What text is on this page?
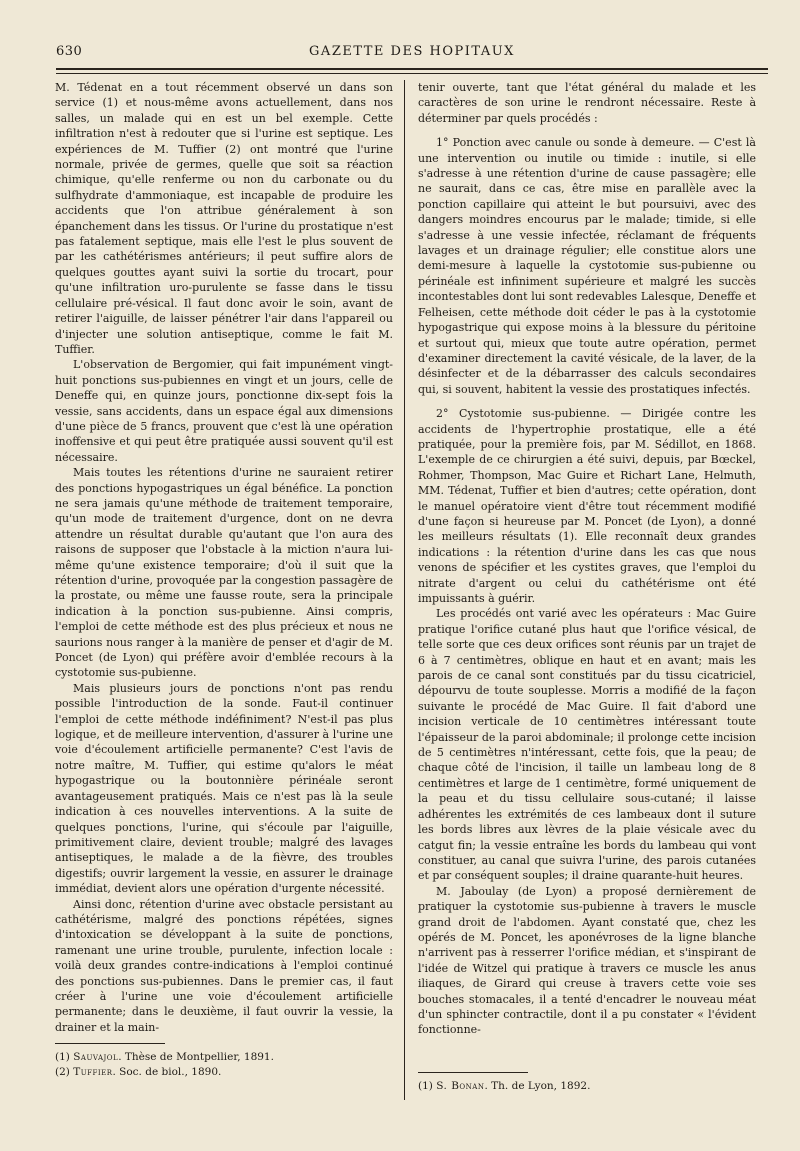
630	GAZETTE DES HOPITAUX

M. Tédenat en a tout récemment observé un dans son service (1) et nous-même avons actuellement, dans nos salles, un malade qui en est un bel exemple. Cette infiltration n'est à redouter que si l'urine est septique. Les expériences de M. Tuffier (2) ont montré que l'urine normale, privée de germes, quelle que soit sa réaction chimique, qu'elle renferme ou non du carbonate ou du sulfhydrate d'ammoniaque, est incapable de produire les accidents que l'on attribue généralement à son épanchement dans les tissus. Or l'urine du prostatique n'est pas fatalement septique, mais elle l'est le plus souvent de par les cathétérismes antérieurs; il peut suffire alors de quelques gouttes ayant suivi la sortie du trocart, pour qu'une infiltration uro-purulente se fasse dans le tissu cellulaire pré-vésical. Il faut donc avoir le soin, avant de retirer l'aiguille, de laisser pénétrer l'air dans l'appareil ou d'injecter une solution antiseptique, comme le fait M. Tuffier.

L'observation de Bergomier, qui fait impunément vingt-huit ponctions sus-pubiennes en vingt et un jours, celle de Deneffe qui, en quinze jours, ponctionne dix-sept fois la vessie, sans accidents, dans un espace égal aux dimensions d'une pièce de 5 francs, prouvent que c'est là une opération inoffensive et qui peut être pratiquée aussi souvent qu'il est nécessaire.

Mais toutes les rétentions d'urine ne sauraient retirer des ponctions hypogastriques un égal bénéfice. La ponction ne sera jamais qu'une méthode de traitement temporaire, qu'un mode de traitement d'urgence, dont on ne devra attendre un résultat durable qu'autant que l'on aura des raisons de supposer que l'obstacle à la miction n'aura lui-même qu'une existence temporaire; d'où il suit que la rétention d'urine, provoquée par la congestion passagère de la prostate, ou même une fausse route, sera la principale indication à la ponction sus-pubienne. Ainsi compris, l'emploi de cette méthode est des plus précieux et nous ne saurions nous ranger à la manière de penser et d'agir de M. Poncet (de Lyon) qui préfère avoir d'emblée recours à la cystotomie sus-pubienne.

Mais plusieurs jours de ponctions n'ont pas rendu possible l'introduction de la sonde. Faut-il continuer l'emploi de cette méthode indéfiniment? N'est-il pas plus logique, et de meilleure intervention, d'assurer à l'urine une voie d'écoulement artificielle permanente? C'est l'avis de notre maître, M. Tuffier, qui estime qu'alors le méat hypogastrique ou la boutonnière périnéale seront avantageusement pratiqués. Mais ce n'est pas là la seule indication à ces nouvelles interventions. A la suite de quelques ponctions, l'urine, qui s'écoule par l'aiguille, primitivement claire, devient trouble; malgré des lavages antiseptiques, le malade a de la fièvre, des troubles digestifs; ouvrir largement la vessie, en assurer le drainage immédiat, devient alors une opération d'urgente nécessité.

Ainsi donc, rétention d'urine avec obstacle persistant au cathétérisme, malgré des ponctions répétées, signes d'intoxication se développant à la suite de ponctions, ramenant une urine trouble, purulente, infection locale : voilà deux grandes contre-indications à l'emploi continué des ponctions sus-pubiennes. Dans le premier cas, il faut créer à l'urine une voie d'écoulement artificielle permanente; dans le deuxième, il faut ouvrir la vessie, la drainer et la main-

(1) Sauvajol. Thèse de Montpellier, 1891.
(2) Tuffier. Soc. de biol., 1890.

tenir ouverte, tant que l'état général du malade et les caractères de son urine le rendront nécessaire. Reste à déterminer par quels procédés :

1° Ponction avec canule ou sonde à demeure. — C'est là une intervention ou inutile ou timide : inutile, si elle s'adresse à une rétention d'urine de cause passagère; elle ne saurait, dans ce cas, être mise en parallèle avec la ponction capillaire qui atteint le but poursuivi, avec des dangers moindres encourus par le malade; timide, si elle s'adresse à une vessie infectée, réclamant de fréquents lavages et un drainage régulier; elle constitue alors une demi-mesure à laquelle la cystotomie sus-pubienne ou périnéale est infiniment supérieure et malgré les succès incontestables dont lui sont redevables Lalesque, Deneffe et Felheisen, cette méthode doit céder le pas à la cystotomie hypogastrique qui expose moins à la blessure du péritoine et surtout qui, mieux que toute autre opération, permet d'examiner directement la cavité vésicale, de la laver, de la désinfecter et de la débarrasser des calculs secondaires qui, si souvent, habitent la vessie des prostatiques infectés.

2° Cystotomie sus-pubienne. — Dirigée contre les accidents de l'hypertrophie prostatique, elle a été pratiquée, pour la première fois, par M. Sédillot, en 1868. L'exemple de ce chirurgien a été suivi, depuis, par Bœckel, Rohmer, Thompson, Mac Guire et Richart Lane, Helmuth, MM. Tédenat, Tuffier et bien d'autres; cette opération, dont le manuel opératoire vient d'être tout récemment modifié d'une façon si heureuse par M. Poncet (de Lyon), a donné les meilleurs résultats (1). Elle reconnaît deux grandes indications : la rétention d'urine dans les cas que nous venons de spécifier et les cystites graves, que l'emploi du nitrate d'argent ou celui du cathétérisme ont été impuissants à guérir.

Les procédés ont varié avec les opérateurs : Mac Guire pratique l'orifice cutané plus haut que l'orifice vésical, de telle sorte que ces deux orifices sont réunis par un trajet de 6 à 7 centimètres, oblique en haut et en avant; mais les parois de ce canal sont constitués par du tissu cicatriciel, dépourvu de toute souplesse. Morris a modifié de la façon suivante le procédé de Mac Guire. Il fait d'abord une incision verticale de 10 centimètres intéressant toute l'épaisseur de la paroi abdominale; il prolonge cette incision de 5 centimètres n'intéressant, cette fois, que la peau; de chaque côté de l'incision, il taille un lambeau long de 8 centimètres et large de 1 centimètre, formé uniquement de la peau et du tissu cellulaire sous-cutané; il laisse adhérentes les extrémités de ces lambeaux dont il suture les bords libres aux lèvres de la plaie vésicale avec du catgut fin; la vessie entraîne les bords du lambeau qui vont constituer, au canal que suivra l'urine, des parois cutanées et par conséquent souples; il draine quarante-huit heures.

M. Jaboulay (de Lyon) a proposé dernièrement de pratiquer la cystotomie sus-pubienne à travers le muscle grand droit de l'abdomen. Ayant constaté que, chez les opérés de M. Poncet, les aponévroses de la ligne blanche n'arrivent pas à resserrer l'orifice médian, et s'inspirant de l'idée de Witzel qui pratique à travers ce muscle les anus iliaques, de Girard qui creuse à travers cette voie ses bouches stomacales, il a tenté d'encadrer le nouveau méat d'un sphincter contractile, dont il a pu constater « l'évident fonctionne-

(1) S. Bonan. Th. de Lyon, 1892.
